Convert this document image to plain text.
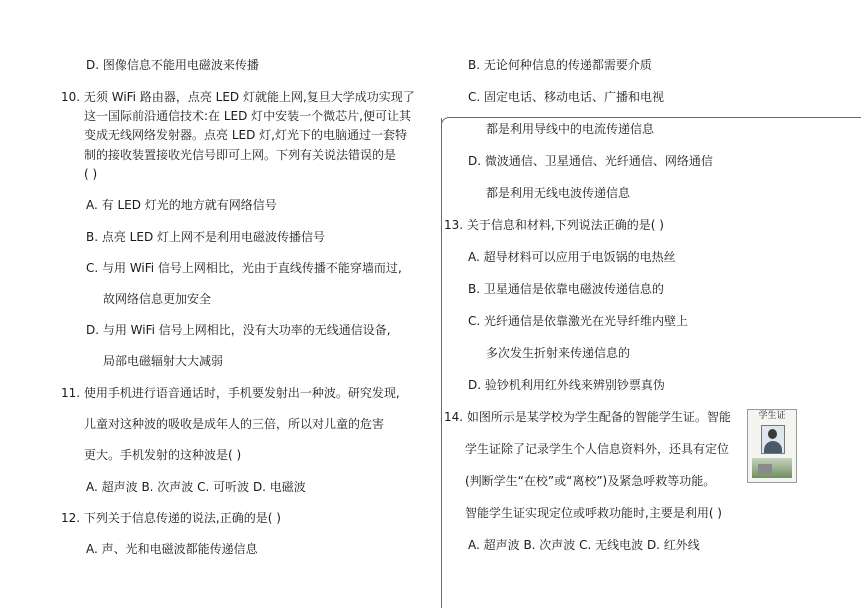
D. 图像信息不能用电磁波来传播
10. 无须 WiFi 路由器，点亮 LED 灯就能上网,复旦大学成功实现了
这一国际前沿通信技术:在 LED 灯中安装一个微芯片,便可让其
变成无线网络发射器。点亮 LED 灯,灯光下的电脑通过一套特
制的接收装置接收光信号即可上网。下列有关说法错误的是
( )
A. 有 LED 灯光的地方就有网络信号
B. 点亮 LED 灯上网不是利用电磁波传播信号
C. 与用 WiFi 信号上网相比，光由于直线传播不能穿墙而过,
故网络信息更加安全
D. 与用 WiFi 信号上网相比，没有大功率的无线通信设备,
局部电磁辐射大大减弱
11. 使用手机进行语音通话时，手机要发射出一种波。研究发现,
儿童对这种波的吸收是成年人的三倍，所以对儿童的危害
更大。手机发射的这种波是( )
A. 超声波 B. 次声波 C. 可听波 D. 电磁波
12. 下列关于信息传递的说法,正确的是( )
A. 声、光和电磁波都能传递信息
B. 无论何种信息的传递都需要介质
C. 固定电话、移动电话、广播和电视
都是利用导线中的电流传递信息
D. 微波通信、卫星通信、光纤通信、网络通信
都是利用无线电波传递信息
13. 关于信息和材料,下列说法正确的是( )
A. 超导材料可以应用于电饭锅的电热丝
B. 卫星通信是依靠电磁波传递信息的
C. 光纤通信是依靠激光在光导纤维内壁上
多次发生折射来传递信息的
D. 验钞机利用红外线来辨别钞票真伪
14. 如图所示是某学校为学生配备的智能学生证。智能
学生证除了记录学生个人信息资料外，还具有定位
(判断学生“在校”或“离校”)及紧急呼救等功能。
智能学生证实现定位或呼救功能时,主要是利用( )
A. 超声波 B. 次声波 C. 无线电波 D. 红外线
学生证
